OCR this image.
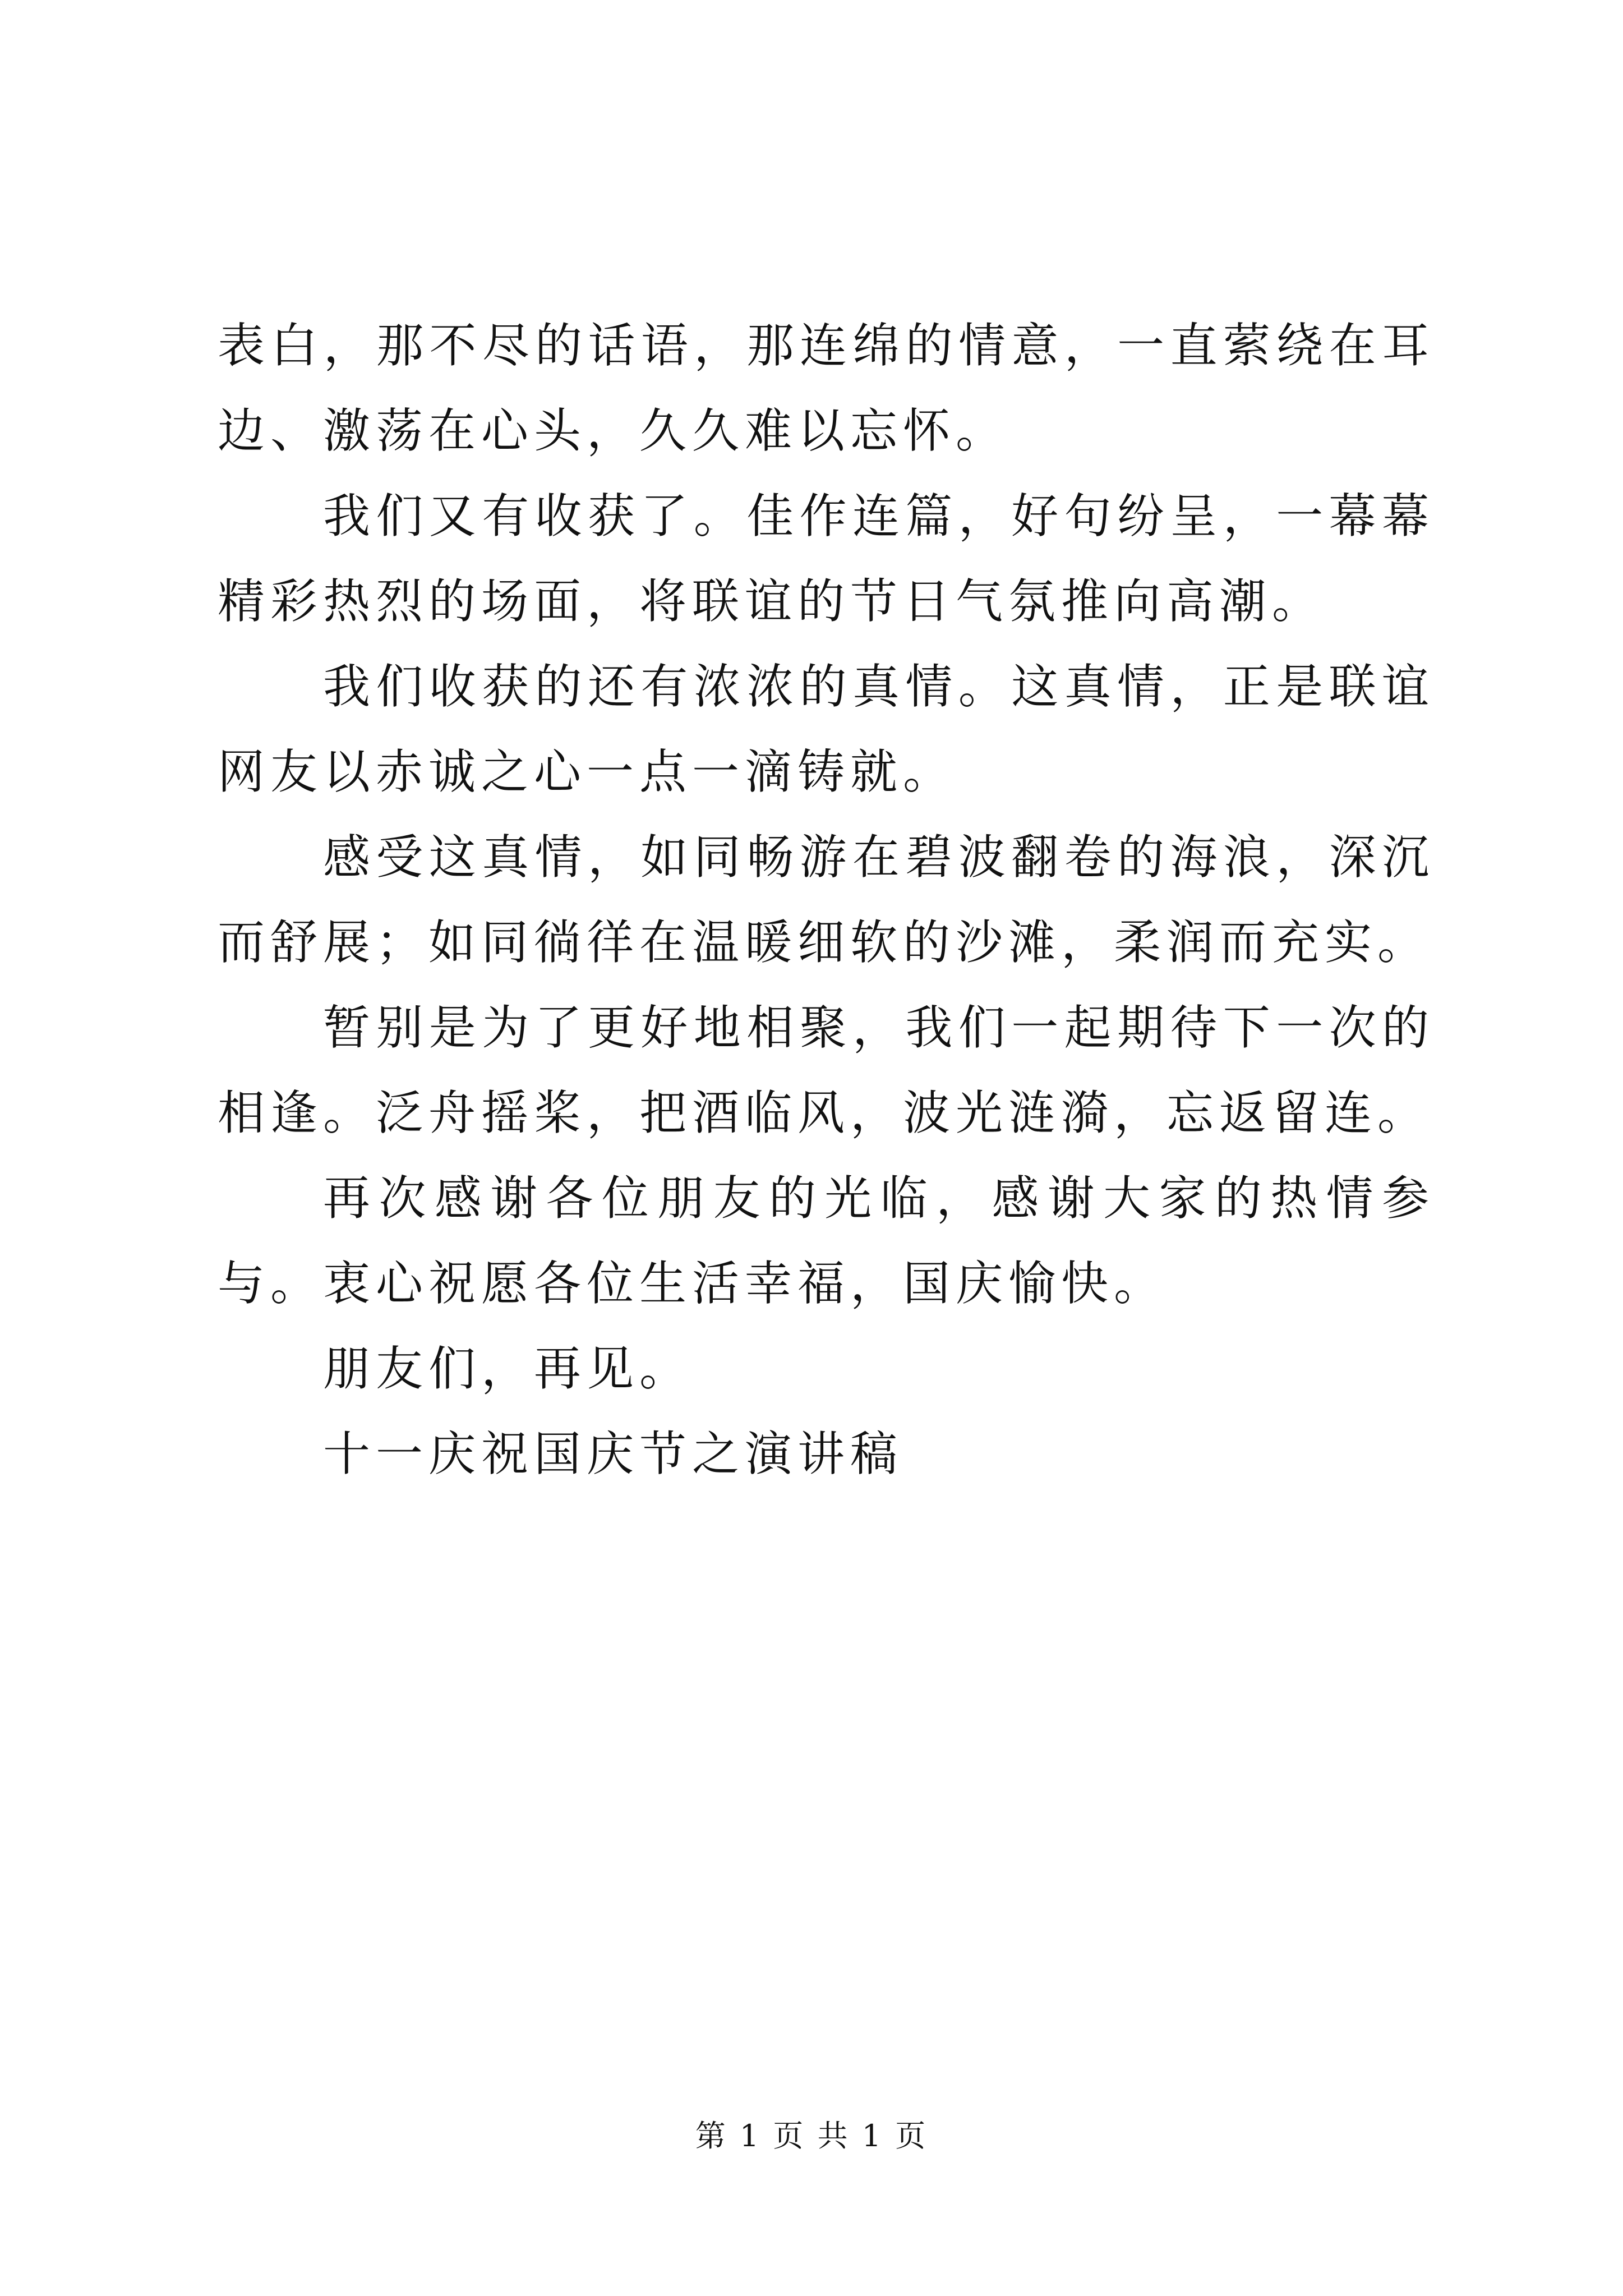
表白，那不尽的话语，那连绵的情意，一直萦绕在耳边、激荡在心头，久久难以忘怀。

我们又有收获了。佳作连篇，好句纷呈，一幕幕精彩热烈的场面，将联谊的节日气氛推向高潮。

我们收获的还有浓浓的真情。这真情，正是联谊网友以赤诚之心一点一滴铸就。

感受这真情，如同畅游在碧波翻卷的海浪，深沉而舒展；如同徜徉在温暖细软的沙滩，柔润而充实。

暂别是为了更好地相聚，我们一起期待下一次的相逢。泛舟摇桨，把酒临风，波光涟漪，忘返留连。

再次感谢各位朋友的光临，感谢大家的热情参与。衷心祝愿各位生活幸福，国庆愉快。

朋友们，再见。

十一庆祝国庆节之演讲稿

第 1 页 共 1 页
